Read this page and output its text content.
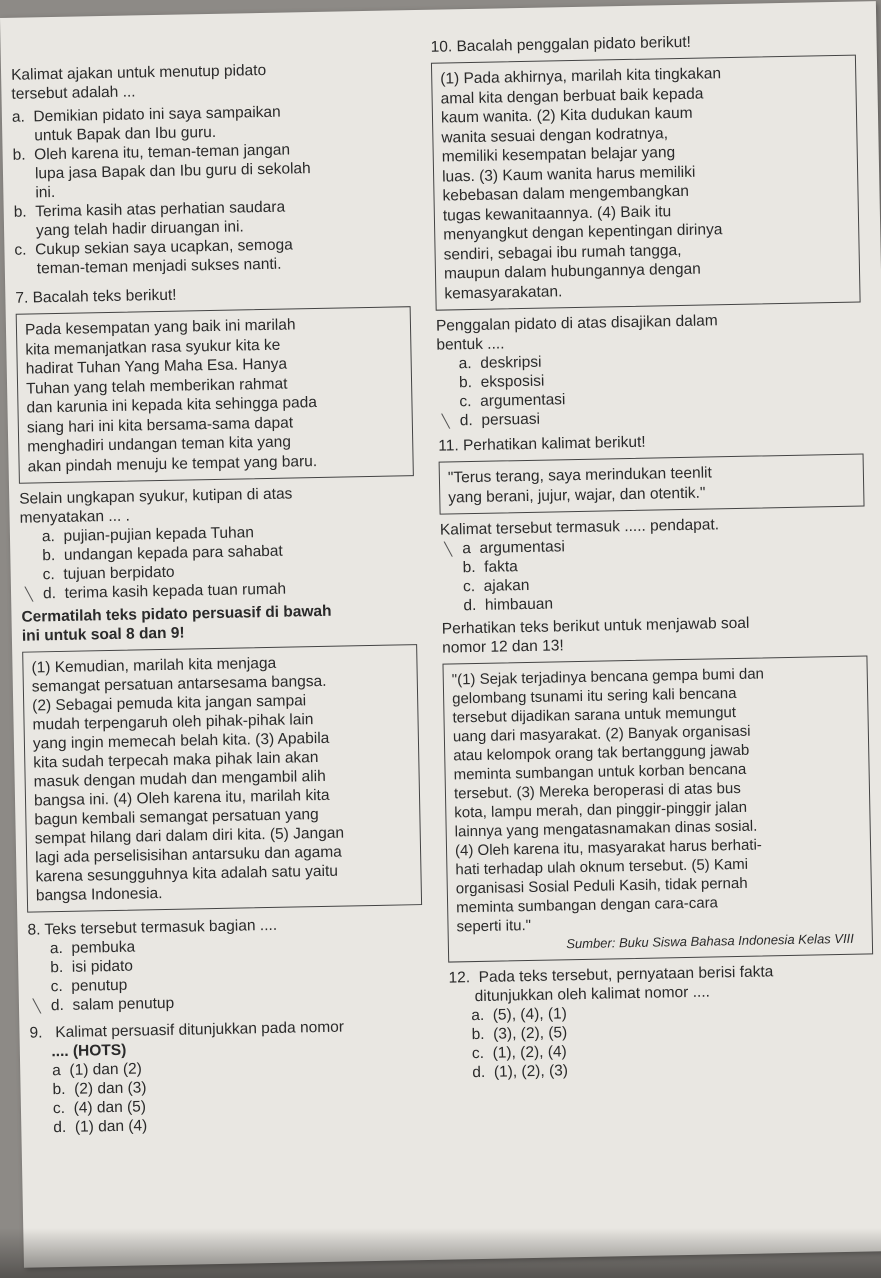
Kalimat ajakan untuk menutup pidato
tersebut adalah ...
a. Demikian pidato ini saya sampaikan
untuk Bapak dan Ibu guru.
b. Oleh karena itu, teman-teman jangan
lupa jasa Bapak dan Ibu guru di sekolah
ini.
b. Terima kasih atas perhatian saudara
yang telah hadir diruangan ini.
c. Cukup sekian saya ucapkan, semoga
teman-teman menjadi sukses nanti.
7. Bacalah teks berikut!
Pada kesempatan yang baik ini marilah
kita memanjatkan rasa syukur kita ke
hadirat Tuhan Yang Maha Esa. Hanya
Tuhan yang telah memberikan rahmat
dan karunia ini kepada kita sehingga pada
siang hari ini kita bersama-sama dapat
menghadiri undangan teman kita yang
akan pindah menuju ke tempat yang baru.
Selain ungkapan syukur, kutipan di atas
menyatakan ... .
a. pujian-pujian kepada Tuhan
b. undangan kepada para sahabat
c. tujuan berpidato
╲ d. terima kasih kepada tuan rumah
Cermatilah teks pidato persuasif di bawah
ini untuk soal 8 dan 9!
(1) Kemudian, marilah kita menjaga
semangat persatuan antarsesama bangsa.
(2) Sebagai pemuda kita jangan sampai
mudah terpengaruh oleh pihak-pihak lain
yang ingin memecah belah kita. (3) Apabila
kita sudah terpecah maka pihak lain akan
masuk dengan mudah dan mengambil alih
bangsa ini. (4) Oleh karena itu, marilah kita
bagun kembali semangat persatuan yang
sempat hilang dari dalam diri kita. (5) Jangan
lagi ada perselisisihan antarsuku dan agama
karena sesungguhnya kita adalah satu yaitu
bangsa Indonesia.
8. Teks tersebut termasuk bagian ....
a. pembuka
b. isi pidato
c. penutup
╲ d. salam penutup
9.   Kalimat persuasif ditunjukkan pada nomor
.... (HOTS)
a (1) dan (2)
b. (2) dan (3)
c. (4) dan (5)
d. (1) dan (4)
10. Bacalah penggalan pidato berikut!
(1) Pada akhirnya, marilah kita tingkakan
amal kita dengan berbuat baik kepada
kaum wanita. (2) Kita dudukan kaum
wanita sesuai dengan kodratnya,
memiliki kesempatan belajar yang
luas. (3) Kaum wanita harus memiliki
kebebasan dalam mengembangkan
tugas kewanitaannya. (4) Baik itu
menyangkut dengan kepentingan dirinya
sendiri, sebagai ibu rumah tangga,
maupun dalam hubungannya dengan
kemasyarakatan.
Penggalan pidato di atas disajikan dalam
bentuk ....
a. deskripsi
b. eksposisi
c. argumentasi
╲ d. persuasi
11. Perhatikan kalimat berikut!
"Terus terang, saya merindukan teenlit
yang berani, jujur, wajar, dan otentik."
Kalimat tersebut termasuk ..... pendapat.
╲ a argumentasi
b. fakta
c. ajakan
d. himbauan
Perhatikan teks berikut untuk menjawab soal
nomor 12 dan 13!
"(1) Sejak terjadinya bencana gempa bumi dan
gelombang tsunami itu sering kali bencana
tersebut dijadikan sarana untuk memungut
uang dari masyarakat. (2) Banyak organisasi
atau kelompok orang tak bertanggung jawab
meminta sumbangan untuk korban bencana
tersebut. (3) Mereka beroperasi di atas bus
kota, lampu merah, dan pinggir-pinggir jalan
lainnya yang mengatasnamakan dinas sosial.
(4) Oleh karena itu, masyarakat harus berhati-
hati terhadap ulah oknum tersebut. (5) Kami
organisasi Sosial Peduli Kasih, tidak pernah
meminta sumbangan dengan cara-cara
seperti itu."
Sumber: Buku Siswa Bahasa Indonesia Kelas VIII
12.  Pada teks tersebut, pernyataan berisi fakta
ditunjukkan oleh kalimat nomor ....
a. (5), (4), (1)
b. (3), (2), (5)
c. (1), (2), (4)
d. (1), (2), (3)
